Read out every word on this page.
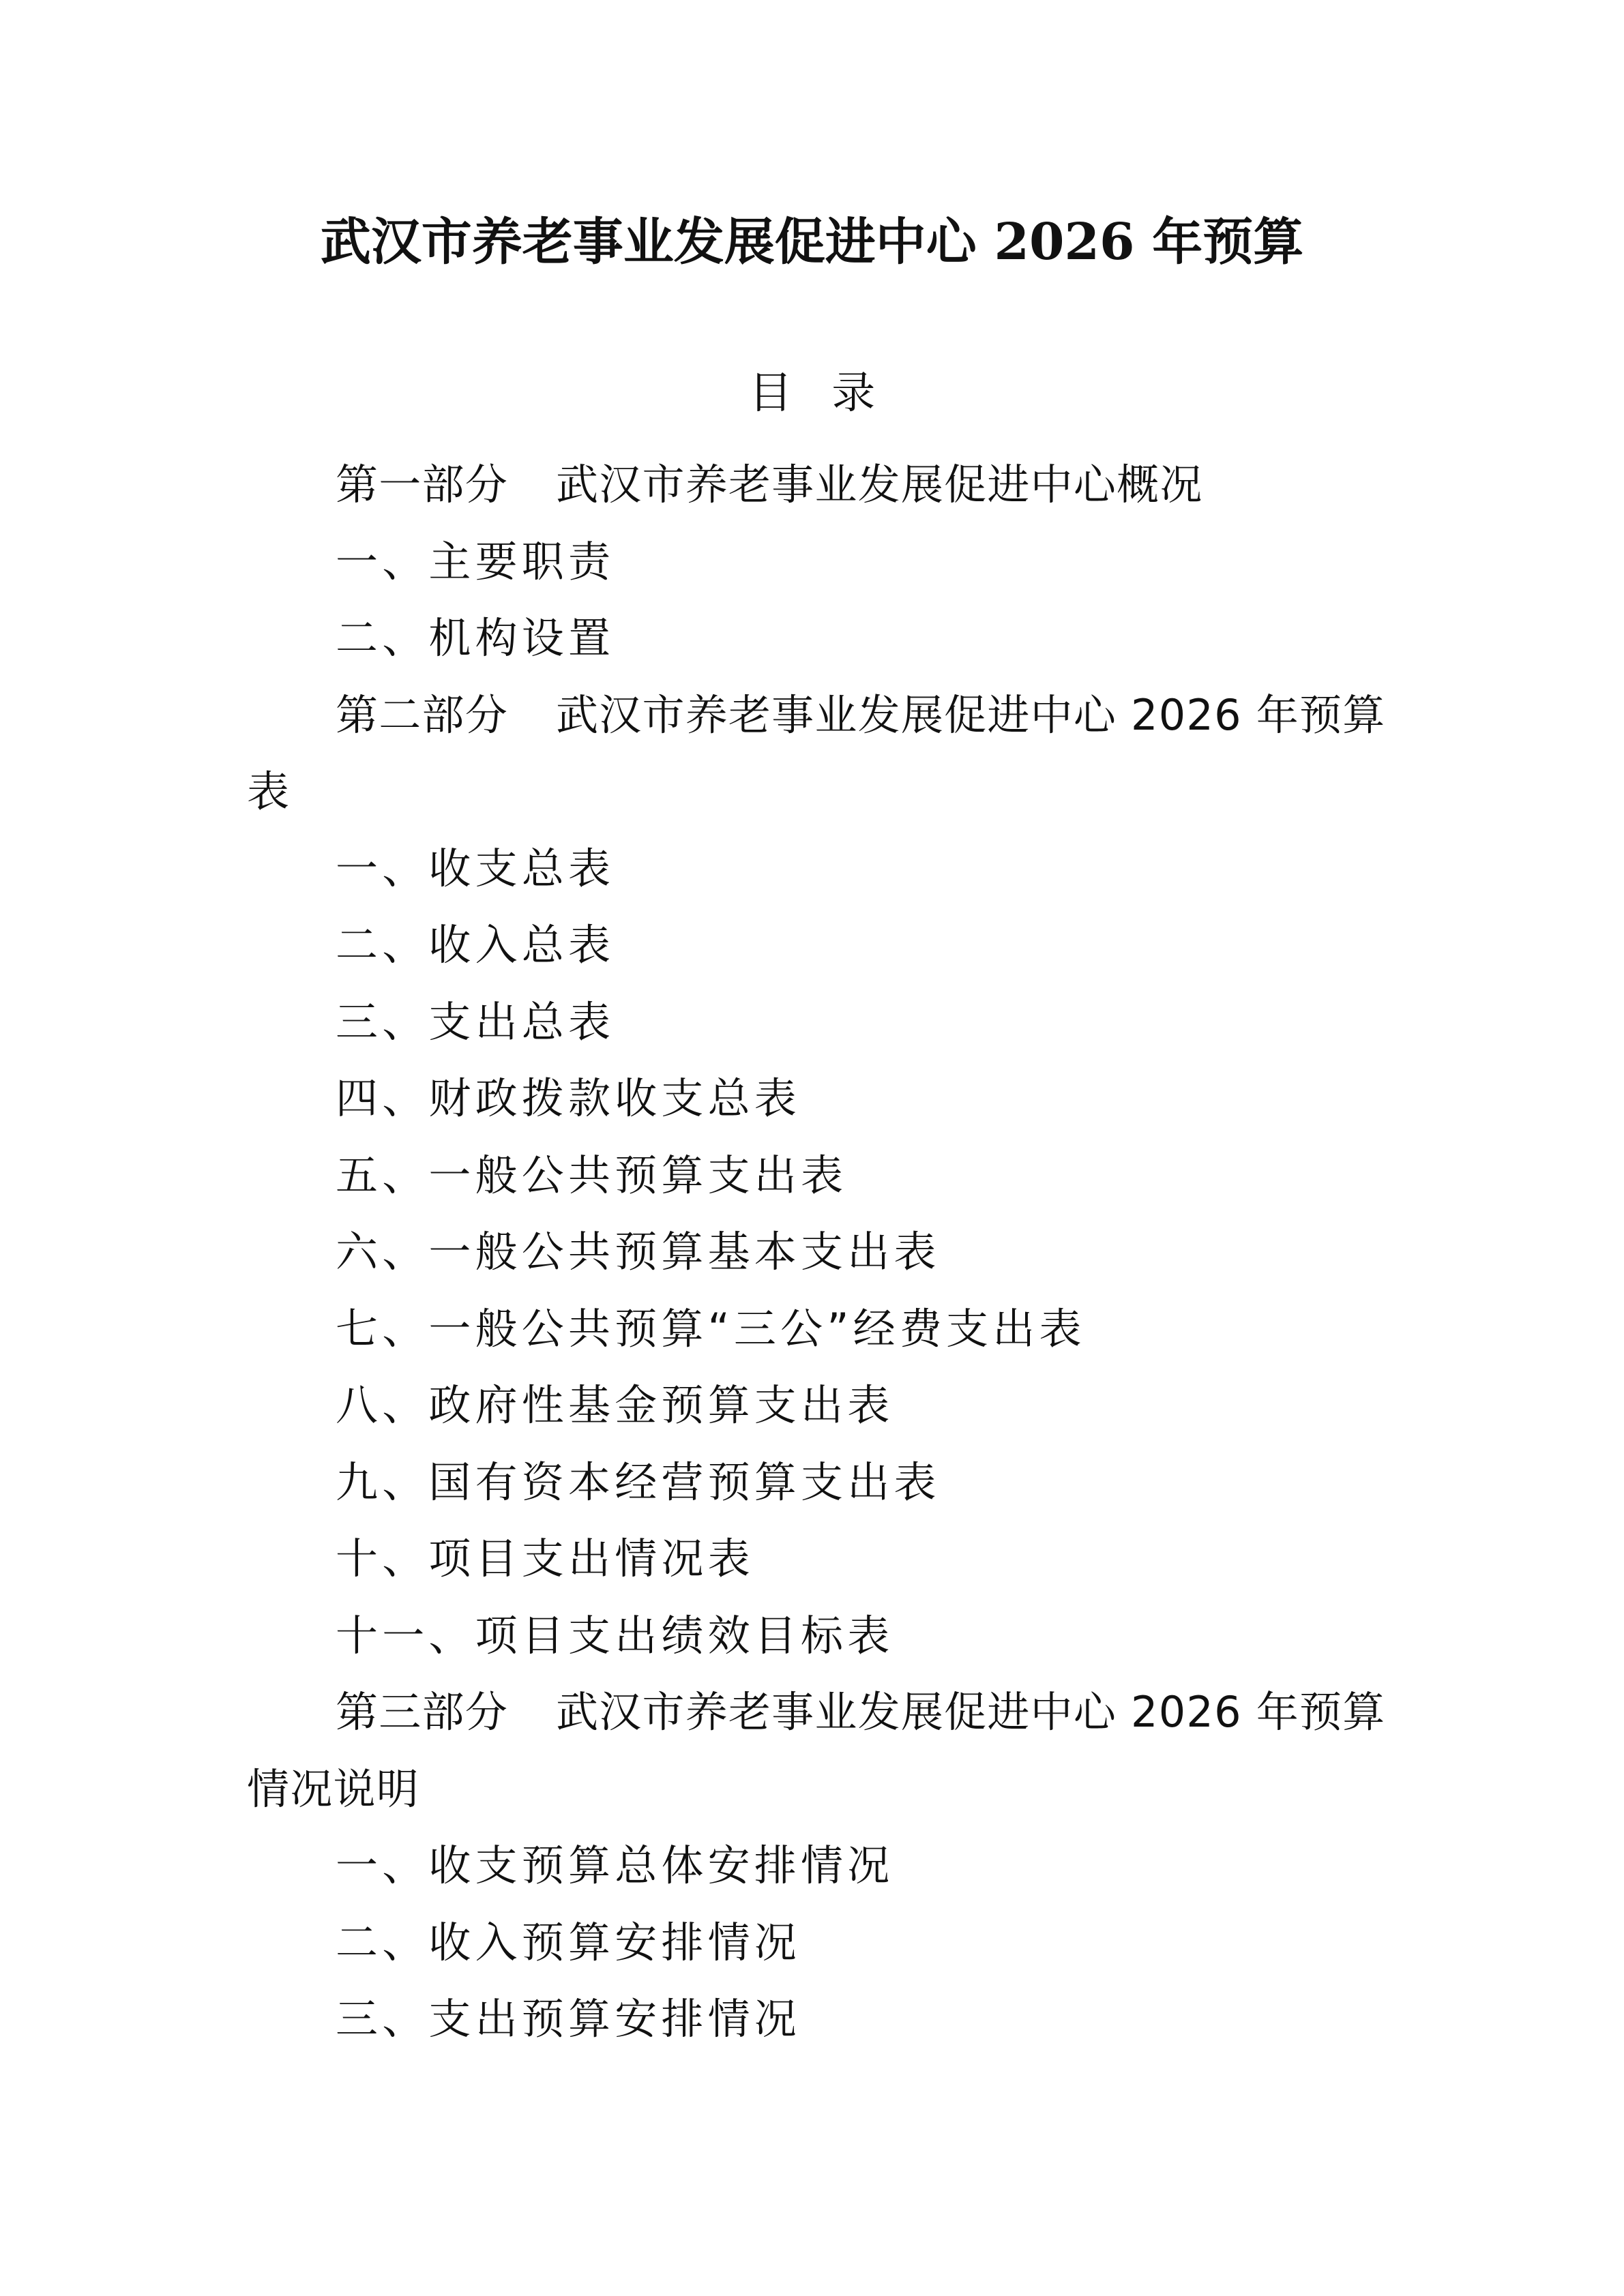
武汉市养老事业发展促进中心 2026 年预算
目录
第一部分 武汉市养老事业发展促进中心概况
一、主要职责
二、机构设置
第二部分 武汉市养老事业发展促进中心 2026 年预算表
一、收支总表
二、收入总表
三、支出总表
四、财政拨款收支总表
五、一般公共预算支出表
六、一般公共预算基本支出表
七、一般公共预算“三公”经费支出表
八、政府性基金预算支出表
九、国有资本经营预算支出表
十、项目支出情况表
十一、项目支出绩效目标表
第三部分 武汉市养老事业发展促进中心 2026 年预算情况说明
一、收支预算总体安排情况
二、收入预算安排情况
三、支出预算安排情况
